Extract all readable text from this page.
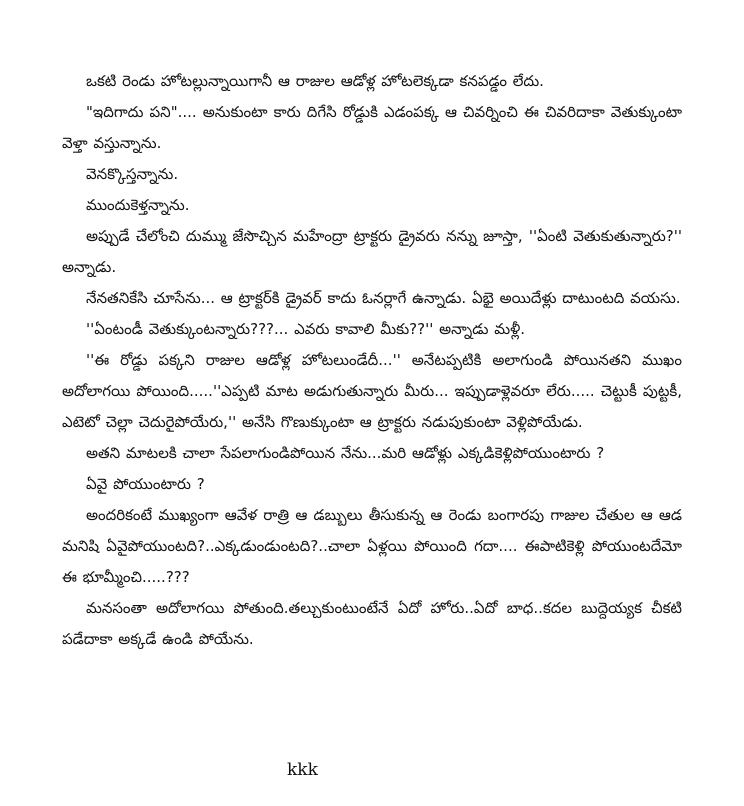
ఒకటి రెండు హోటల్లున్నాయిగానీ ఆ రాజుల ఆడోళ్ల హోటలెక్కడా కనపడ్డం లేదు.

"ఇదిగాదు పని".... అనుకుంటా కారు దిగేసి రోడ్డుకి ఎడంపక్క ఆ చివర్నించి ఈ చివరిదాకా వెతుక్కుంటా వెళ్తా వస్తున్నాను.

వెనక్కొస్తన్నాను.

ముందుకెళ్తన్నాను.

అప్పుడే చేలోంచి దుమ్ము జేసొచ్చిన మహేంద్రా ట్రాక్టరు డ్రైవరు నన్ను జూస్తా, ''ఏంటి వెతుకుతున్నారు?'' అన్నాడు.

నేనతనికేసి చూసేను... ఆ ట్రాక్టర్‌కి డ్రైవర్ కాదు ఓనర్లాగే ఉన్నాడు. ఏభై అయిదేళ్లు దాటుంటది వయసు.

''ఏంటండీ వెతుక్కుంటన్నారు???... ఎవరు కావాలి మీకు??'' అన్నాడు మళ్లీ.

''ఈ రోడ్డు పక్కని రాజుల ఆడోళ్ల హోటలుండేదీ...'' అనేటప్పటికి అలాగుండి పోయినతని ముఖం అదోలాగయి పోయింది.....''ఎప్పటి మాట అడుగుతున్నారు మీరు... ఇప్పుడాళ్లెవరూ లేరు..... చెట్టుకీ పుట్టకీ, ఎటెటో చెల్లా చెదురైపోయేరు,'' అనేసి గొణుక్కుంటా ఆ ట్రాక్టరు నడుపుకుంటా వెళ్లిపోయేడు.

అతని మాటలకి చాలా సేపలాగుండిపోయిన నేను...మరి ఆడోళ్లు ఎక్కడికెళ్లిపోయుంటారు ?

ఏవై పోయుంటారు ?

అందరికంటే ముఖ్యంగా ఆవేళ రాత్రి ఆ డబ్బులు తీసుకున్న ఆ రెండు బంగారపు గాజుల చేతుల ఆ ఆడ మనిషి ఏవైపోయుంటది?..ఎక్కడుండుంటది?..చాలా ఏళ్లయి పోయింది గదా.... ఈపాటికెళ్లి పోయుంటదేమో ఈ భూమ్మీంచి.....???

మనసంతా అదోలాగయి పోతుంది.తల్చుకుంటుంటేనే ఏదో హోరు..ఏదో బాధ..కదల బుద్దెయ్యక చీకటి పడేదాకా అక్కడే ఉండి పోయేను.

kkk
